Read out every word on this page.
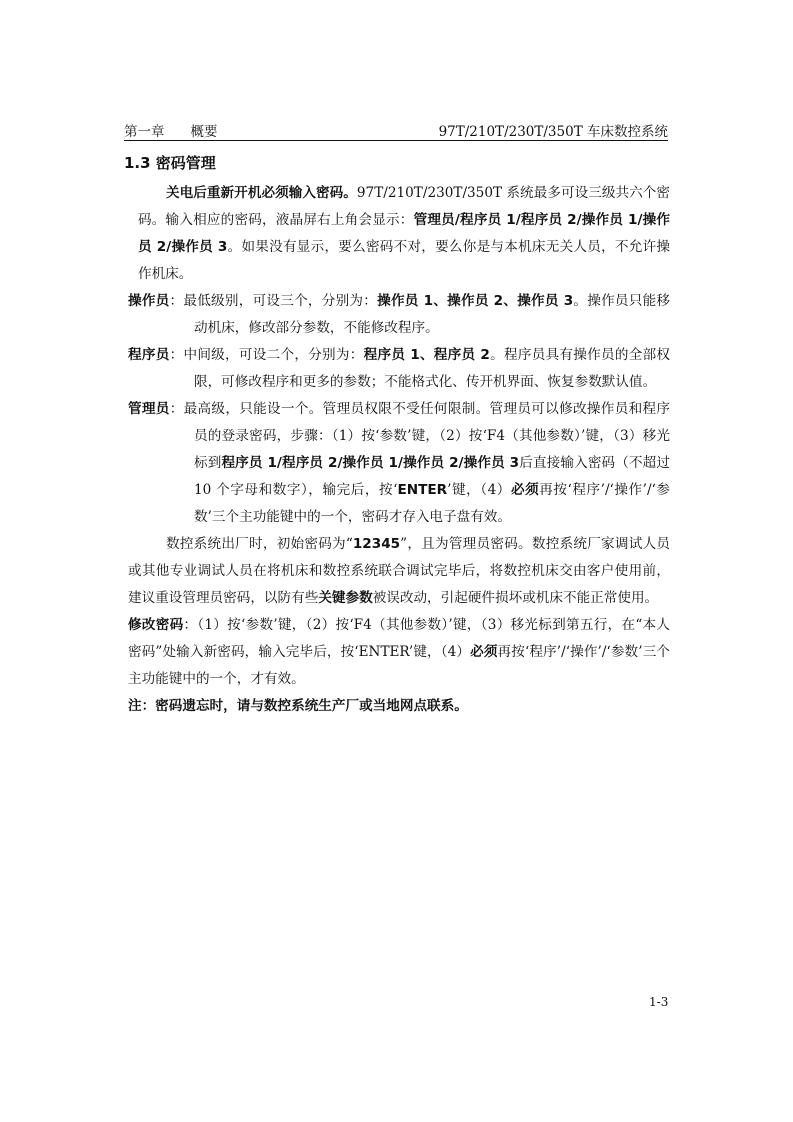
第一章 概要	97T/210T/230T/350T 车床数控系统
1.3 密码管理

关电后重新开机必须输入密码。97T/210T/230T/350T 系统最多可设三级共六个密码。输入相应的密码，液晶屏右上角会显示：管理员/程序员 1/程序员 2/操作员 1/操作员 2/操作员 3。如果没有显示，要么密码不对，要么你是与本机床无关人员，不允许操作机床。

操作员：最低级别，可设三个，分别为：操作员 1、操作员 2、操作员 3。操作员只能移动机床，修改部分参数，不能修改程序。

程序员：中间级，可设二个，分别为：程序员 1、程序员 2。程序员具有操作员的全部权限，可修改程序和更多的参数；不能格式化、传开机界面、恢复参数默认值。

管理员：最高级，只能设一个。管理员权限不受任何限制。管理员可以修改操作员和程序员的登录密码，步骤：（1）按‘参数’键，（2）按‘F4（其他参数）’键，（3）移光标到程序员 1/程序员 2/操作员 1/操作员 2/操作员 3后直接输入密码（不超过 10 个字母和数字），输完后，按‘ENTER’键，（4）必须再按‘程序’/‘操作’/‘参数’三个主功能键中的一个，密码才存入电子盘有效。

数控系统出厂时，初始密码为“12345”，且为管理员密码。数控系统厂家调试人员或其他专业调试人员在将机床和数控系统联合调试完毕后，将数控机床交由客户使用前，建议重设管理员密码，以防有些关键参数被误改动，引起硬件损坏或机床不能正常使用。

修改密码：（1）按‘参数’键，（2）按‘F4（其他参数）’键，（3）移光标到第五行，在“本人密码”处输入新密码，输入完毕后，按‘ENTER’键，（4）必须再按‘程序’/‘操作’/‘参数’三个主功能键中的一个，才有效。

注：密码遗忘时，请与数控系统生产厂或当地网点联系。

1-3
